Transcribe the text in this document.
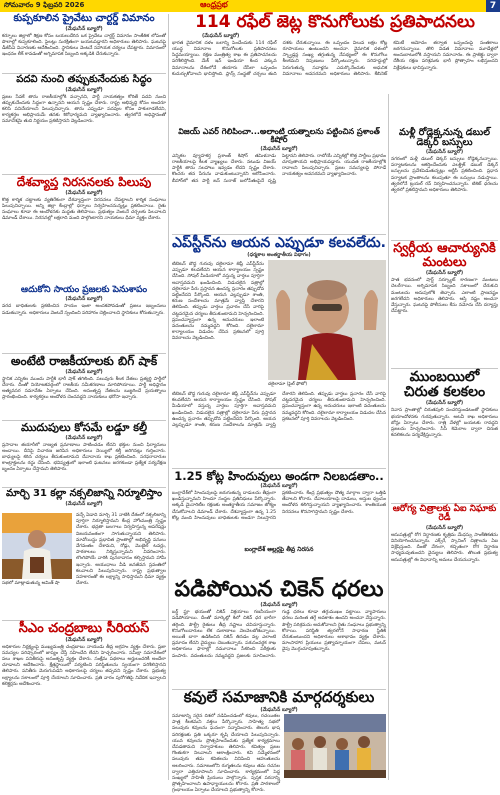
సోమవారం 9 ఫిబ్రవరి 2026	ఆంధ్రప్రభ	7
కుప్పకూలిన ప్రైవేటు చార్టర్డ్ విమానం
(మేఘసేన్ బ్యూరో)
కర్నూలు జిల్లాలో శిక్షణ కోసం బయలుదేరిన ఒక ప్రైవేటు చార్టర్డ్ విమానం సాంకేతిక లోపంతో పొలాల్లో కుప్పకూలింది. పైలట్లు సురక్షితంగా బయటపడ్డారని అధికారులు తెలిపారు. ఘటనపై డీజీసీఏ విచారణకు ఆదేశించింది. స్థానికులు వెంటనే సహాయక చర్యలు చేపట్టారు. విమానంలో ఇంధనం లీక్ కావడంతో అగ్నిమాపక సిబ్బంది అక్కడికి చేరుకున్నారు.
పదవి నుంచి తప్పుకునేందుకు సిద్ధం
(మేఘసేన్ బ్యూరో)
ప్రజల సేవకే తాను రాజకీయాల్లోకి వచ్చానని, పార్టీ నాయకత్వం కోరితే పదవి నుంచి తప్పుకునేందుకు సిద్ధంగా ఉన్నానని ఆయన స్పష్టం చేశారు. రాష్ట్ర అభివృద్ధి కోసం అందరూ కలిసి పనిచేయాలని పిలుపునిచ్చారు. తాను ఎప్పుడూ పదవుల కోసం పాకులాడలేదని, కార్యకర్తల అభిప్రాయమే తనకు శిరోధార్యమని వ్యాఖ్యానించారు. త్వరలోనే అధిష్ఠానంతో సమావేశమై తుది నిర్ణయం ప్రకటిస్తానని వెల్లడించారు.
దేశవ్యాప్త నిరసనలకు పిలుపు
(మేఘసేన్ బ్యూరో)
కొత్త కార్మిక చట్టాలకు వ్యతిరేకంగా దేశవ్యాప్తంగా నిరసనలు చేపట్టాలని కార్మిక సంఘాలు పిలుపునిచ్చాయి. అన్ని జిల్లా కేంద్రాల్లో ధర్నాలు నిర్వహించనున్నట్లు ప్రకటించాయి. రైతు సంఘాలు కూడా ఈ ఆందోళనకు మద్దతు తెలిపాయి. ప్రభుత్వం వెంటనే చర్చలకు పిలవాలని డిమాండ్ చేశాయి. నిరసనల్లో లక్షలాది మంది పాల్గొంటారని నాయకులు ధీమా వ్యక్తం చేశారు.
ఆదుకోని సాయం ప్రజలకు పెనుశాపం
(మేఘసేన్ బ్యూరో)
వరద బాధితులకు ప్రకటించిన సాయం ఇంకా అందకపోవడంతో ప్రజలు ఇబ్బందులు పడుతున్నారు. అధికారులు వెంటనే స్పందించి పరిహారం చెల్లించాలని స్థానికులు కోరుతున్నారు.
అంటేటి రాజకీయాలకు బిగ్ షాక్
(మేఘసేన్ బ్యూరో)
స్థానిక ఎన్నికల ముందు పార్టీకి భారీ షాక్ తగిలింది. పలువురు కీలక నేతలు ప్రత్యర్థి పార్టీలో చేరారు. దీంతో నియోజకవర్గంలో రాజకీయ సమీకరణాలు మారిపోయాయి. పార్టీ అధిష్ఠానం అత్యవసర సమావేశం ఏర్పాటు చేసింది. అసంతృప్త నేతలను బుజ్జగించే ప్రయత్నాలు ప్రారంభించింది. కార్యకర్తలు ఆందోళన చెందవద్దని నాయకులు భరోసా ఇచ్చారు.
ముదుపులు కోసమే లడ్డూ కల్తీ
(మేఘసేన్ బ్యూరో)
ప్రసాదాల తయారీలో నాణ్యత ప్రమాణాలు పాటించడం లేదని భక్తుల నుంచి ఫిర్యాదులు అందాయి. దీనిపై విచారణ జరిపిన అధికారులు నెయ్యిలో కల్తీ జరిగినట్లు గుర్తించారు. బాధ్యులపై కఠిన చర్యలు తీసుకుంటామని దేవాదాయ శాఖ ప్రకటించింది. సరఫరాదారుల కాంట్రాక్టులను రద్దు చేసింది. భవిష్యత్తులో ఇలాంటి ఘటనలు జరగకుండా ప్రత్యేక పర్యవేక్షణ బృందం ఏర్పాటు చేస్తామని తెలిపారు.
మార్చి 31 కల్లా నక్సలిజాన్ని నిర్మూలిస్తాం
(మేఘసేన్ బ్యూరో)
సభలో మాట్లాడుతున్న అమిత్ షా
వచ్చే ఏడాది మార్చి 31 నాటికి దేశంలో నక్సలిజాన్ని పూర్తిగా నిర్మూలిస్తామని కేంద్ర హోంమంత్రి స్పష్టం చేశారు. భద్రతా బలగాలు నిర్వహిస్తున్న ఆపరేషన్లు విజయవంతంగా సాగుతున్నాయని తెలిపారు. మావోయిస్టు ప్రభావిత ప్రాంతాల్లో అభివృద్ధి పనులు వేగవంతం చేశామని, రోడ్లు, మొబైల్ టవర్లు, పాఠశాలలు నిర్మిస్తున్నామని వివరించారు. లొంగిపోయే వారికి పునరావాసం కల్పిస్తామని హామీ ఇచ్చారు. ఆయుధాలు వీడి జనజీవన స్రవంతిలో కలవాలని పిలుపునిచ్చారు. రాష్ట్ర ప్రభుత్వాల సహకారంతో ఈ లక్ష్యాన్ని సాధిస్తామని ధీమా వ్యక్తం చేశారు.
సీఎం చంద్రబాబు సీరియస్
(మేఘసేన్ బ్యూరో)
అధికారుల నిర్లక్ష్యంపై ముఖ్యమంత్రి చంద్రబాబు నాయుడు తీవ్ర ఆగ్రహం వ్యక్తం చేశారు. ప్రజా సమస్యల పరిష్కారంలో జాప్యం చేస్తే సహించేది లేదని హెచ్చరించారు. సమీక్షా సమావేశంలో పలు శాఖల పనితీరుపై అసంతృప్తి వ్యక్తం చేశారు. సంక్షేమ పథకాలు అర్హులందరికీ అందేలా చూడాలని ఆదేశించారు. క్షేత్రస్థాయిలో పర్యటించి పరిస్థితులను స్వయంగా పరిశీలిస్తానని తెలిపారు. పనితీరు మెరుగుపడని అధికారులపై చర్యలు తప్పవని స్పష్టం చేశారు. ప్రభుత్వ లక్ష్యాలను సకాలంలో పూర్తి చేయాలని సూచించారు. ప్రతి వారం పురోగతిపై నివేదిక ఇవ్వాలని కలెక్టర్లను ఆదేశించారు.
114 రఫేల్ జెట్ల కొనుగోలుకు ప్రతిపాదనలు
(మేఘసేన్ బ్యూరో)
భారత వైమానిక దళం బలాన్ని పెంచేందుకు 114 రఫేల్ యుద్ధ విమానాల కొనుగోలుకు ప్రతిపాదనలు సిద్ధమయ్యాయి. రక్షణ మంత్రిత్వ శాఖ ఈ ప్రతిపాదనలను పరిశీలిస్తోంది. మేక్ ఇన్ ఇండియా కింద ఎక్కువ విమానాలను దేశంలోనే తయారు చేసేలా ఒప్పందం కుదుర్చుకోవాలని భావిస్తోంది. ఫ్రాన్స్ సంస్థతో చర్చలు తుది దశకు చేరుకున్నాయి. ఈ ఒప్పందం విలువ లక్షల కోట్ల రూపాయలు ఉంటుందని అంచనా. వైమానిక దళంలో స్క్వాడ్రన్ల సంఖ్య తగ్గుతున్న నేపథ్యంలో ఈ కొనుగోలు కీలకమని నిపుణులు పేర్కొంటున్నారు. సరిహద్దుల్లో పెరుగుతున్న సవాళ్లను ఎదుర్కొనేందుకు ఆధునిక విమానాలు అవసరమని అధికారులు తెలిపారు. కేబినెట్ కమిటీ ఆమోదం తర్వాత ఒప్పందంపై సంతకాలు జరగనున్నాయి. తొలి విడత విమానాలు మూడేళ్లలో అందుబాటులోకి వస్తాయని సమాచారం. ఈ ప్రాజెక్టు ద్వారా దేశీయ రక్షణ పరిశ్రమకు భారీ ప్రోత్సాహం లభిస్తుందని విశ్లేషకులు భావిస్తున్నారు.
విజయ్ ఎవర్ గెలిపించా...అలాంటి యత్నాలను పట్టించిన ప్రశాంత్ కిషోర్
(మేఘసేన్ బ్యూరో)
ఎన్నికల వ్యూహకర్త ప్రశాంత్ కిషోర్ తమిళనాడు రాజకీయాలపై కీలక వ్యాఖ్యలు చేశారు. నటుడు విజయ్ పార్టీకి తాను సలహాలు ఇవ్వడం లేదని స్పష్టం చేశారు. కొందరు తన పేరును వాడుకుంటున్నారని ఆరోపించారు. బీహార్‌లో తన పార్టీ జన్ సురాజ్ బలోపేతంపైనే దృష్టి పెట్టానని తెలిపారు. రాబోయే ఎన్నికల్లో కొత్త పార్టీలు ప్రభావం చూపుతాయని అభిప్రాయపడ్డారు. యువత రాజకీయాల్లోకి రావాలని పిలుపునిచ్చారు. ప్రజల సమస్యలపై పోరాడే నాయకత్వం అవసరమని వ్యాఖ్యానించారు.
మళ్లీ రోడ్లెక్కనున్న డబుల్ డెక్కర్ బస్సులు
(మేఘసేన్ బ్యూరో)
నగరంలో మళ్లీ డబుల్ డెక్కర్ బస్సులు రోడ్లెక్కనున్నాయి. పర్యాటకులను ఆకర్షించేందుకు ఎలక్ట్రిక్ డబుల్ డెక్కర్ బస్సులను ప్రవేశపెడుతున్నట్లు ఆర్టీసీ ప్రకటించింది. ప్రధాన పర్యాటక ప్రాంతాలను కలుపుతూ ఈ బస్సులు నడుస్తాయి. త్వరలోనే ట్రయల్ రన్ నిర్వహించనున్నారు. టికెట్ ధరలను త్వరలో ప్రకటిస్తామని అధికారులు తెలిపారు.
ఎప్‌స్టీన్‌ను ఆయన ఎప్పుడూ కలవలేదు.
(ధర్మశాల అంతర్జాతీయ విభాగం)
టిబెటన్ బౌద్ధ గురువు దలైలామా జెఫ్రీ ఎప్‌స్టీన్‌ను ఎప్పుడూ కలవలేదని ఆయన కార్యాలయం స్పష్టం చేసింది. సోషల్ మీడియాలో వస్తున్న వార్తలు పూర్తిగా అవాస్తవమని ఖండించింది. విడుదలైన పత్రాల్లో దలైలామా పేరు ప్రస్తావన ఉందన్న ప్రచారం తప్పుదోవ పట్టించేదని పేర్కొంది. ఆయన ఎల్లప్పుడూ శాంతి, కరుణ సందేశాలను మాత్రమే వ్యాప్తి చేశారని తెలిపింది. తప్పుడు వార్తలు ప్రచారం చేసే వారిపై చట్టపరమైన చర్యలు తీసుకుంటామని హెచ్చరించింది. ప్రపంచవ్యాప్తంగా ఉన్న అనుచరులు ఇలాంటి వదంతులను నమ్మవద్దని కోరింది. దలైలామా కార్యాలయం విడుదల చేసిన ప్రకటనలో పూర్తి వివరాలను వెల్లడించింది.
దలైలామా (ఫైల్ ఫోటో)
టిబెటన్ బౌద్ధ గురువు దలైలామా జెఫ్రీ ఎప్‌స్టీన్‌ను ఎప్పుడూ కలవలేదని ఆయన కార్యాలయం స్పష్టం చేసింది. సోషల్ మీడియాలో వస్తున్న వార్తలు పూర్తిగా అవాస్తవమని ఖండించింది. విడుదలైన పత్రాల్లో దలైలామా పేరు ప్రస్తావన ఉందన్న ప్రచారం తప్పుదోవ పట్టించేదని పేర్కొంది. ఆయన ఎల్లప్పుడూ శాంతి, కరుణ సందేశాలను మాత్రమే వ్యాప్తి చేశారని తెలిపింది. తప్పుడు వార్తలు ప్రచారం చేసే వారిపై చట్టపరమైన చర్యలు తీసుకుంటామని హెచ్చరించింది. ప్రపంచవ్యాప్తంగా ఉన్న అనుచరులు ఇలాంటి వదంతులను నమ్మవద్దని కోరింది. దలైలామా కార్యాలయం విడుదల చేసిన ప్రకటనలో పూర్తి వివరాలను వెల్లడించింది.
స్వర్గీయ ఆచార్యునికి మంటలు
(మేఘసేన్ బ్యూరో)
పాత భవనంలో షార్ట్ సర్క్యూట్ కారణంగా మంటలు చెలరేగాయి. అగ్నిమాపక సిబ్బంది సకాలంలో చేరుకుని మంటలను అదుపులోకి తెచ్చారు. ఎలాంటి ప్రాణనష్టం జరగలేదని అధికారులు తెలిపారు. ఆస్తి నష్టం అంచనా వేస్తున్నారు. ఘటనపై పోలీసులు కేసు నమోదు చేసి దర్యాప్తు చేపట్టారు.
ముంబయిలో చిరుత కలకలం
(మేఘసేన్ బ్యూరో)
నివాస ప్రాంతాల్లో చిరుతపులి సంచరిస్తుండటంతో స్థానికులు భయాందోళనకు గురవుతున్నారు. అటవీ శాఖ అధికారులు బోన్లు ఏర్పాటు చేశారు. రాత్రి వేళల్లో బయటకు రావద్దని ప్రజలను హెచ్చరించారు. సీసీ కెమెరాల ద్వారా చిరుత కదలికలను పర్యవేక్షిస్తున్నారు.
ఆరోగ్య చిత్రాలకు ఏఐ నిఘాకు రెడీ
(మేఘసేన్ బ్యూరో)
ఆసుపత్రుల్లో రోగ నిర్ధారణకు కృత్రిమ మేధస్సు సాంకేతికతను వినియోగించనున్నారు. ఎక్స్‌రే, స్కానింగ్ చిత్రాలను ఏఐ విశ్లేషిస్తుంది. దీంతో వేగంగా, కచ్చితంగా రోగ నిర్ధారణ సాధ్యమవుతుందని వైద్యులు తెలిపారు. తొలుత ప్రభుత్వ ఆసుపత్రుల్లో ఈ విధానాన్ని అమలు చేయనున్నారు.
1.25 కోట్ల హిందువులు అండగా నిలబడతాం..
(మేఘసేన్ బ్యూరో)
బంగ్లాదేశ్‌లో హిందువులపై జరుగుతున్న దాడులను తీవ్రంగా ఖండిస్తున్నామని హిందూ సంస్థల ప్రతినిధులు పేర్కొన్నారు. అక్కడి మైనారిటీల రక్షణకు అంతర్జాతీయ సమాజం జోక్యం చేసుకోవాలని డిమాండ్ చేశారు. దేశవ్యాప్తంగా ఉన్న 1.25 కోట్ల మంది హిందువులు బాధితులకు అండగా నిలుస్తారని ప్రకటించారు. కేంద్ర ప్రభుత్వం దౌత్య మార్గాల ద్వారా ఒత్తిడి తేవాలని కోరారు. దేవాలయాలపై దాడులు, ఆస్తుల ధ్వంసం ఆందోళన కలిగిస్తున్నాయని వ్యాఖ్యానించారు. శాంతియుత నిరసనలు కొనసాగిస్తామని స్పష్టం చేశారు.
బంగ్లాదేశ్ అల్లర్లపై తీవ్ర నిరసన
పడిపోయిన చికెన్ ధరలు
(మేఘసేన్ బ్యూరో)
బర్డ్ ఫ్లూ భయంతో చికెన్ విక్రయాలు గణనీయంగా పడిపోయాయి. దీంతో మార్కెట్లో కిలో చికెన్ ధర భారీగా తగ్గింది. పౌల్ట్రీ రైతులు తీవ్ర నష్టాలు చవిచూస్తున్నారు. కొనుగోలుదారులు లేక దుకాణాలు వెలవెలబోతున్నాయి. అయితే బాగా ఉడికించిన చికెన్ తినడం వల్ల ఎలాంటి ప్రమాదం లేదని వైద్యులు చెబుతున్నారు. పశుసంవర్ధక శాఖ అధికారులు ఫారాల్లో నమూనాలు సేకరించి పరీక్షలకు పంపారు. వదంతులను నమ్మవద్దని ప్రజలకు సూచించారు. గుడ్ల ధరలు కూడా తగ్గుముఖం పట్టాయి. వ్యాపారులు ధరలు మరింత తగ్గే అవకాశం ఉందని అంచనా వేస్తున్నారు. పౌల్ట్రీ పరిశ్రమను ఆదుకోవాలని రైతు సంఘాలు ప్రభుత్వాన్ని కోరాయి. పరిస్థితి త్వరలోనే సాధారణ స్థితికి చేరుకుంటుందని అధికారులు ఆశాభావం వ్యక్తం చేశారు. మాంసాహార ప్రియులు ప్రత్యామ్నాయంగా చేపలు, మటన్ వైపు మొగ్గుచూపుతున్నారు.
కవులే సమాజానికి మార్గదర్శకులు
(మేఘసేన్ బ్యూరో)
సమాజాన్ని సరైన దిశలో నడిపించడంలో కవులు, రచయితల పాత్ర కీలకమని వక్తలు పేర్కొన్నారు. సాహిత్య సభలో పలువురు కవులను ఘనంగా సన్మానించారు. తెలుగు భాష పరిరక్షణకు ప్రతి ఒక్కరూ కృషి చేయాలని పిలుపునిచ్చారు. యువ కవులను ప్రోత్సహించేందుకు ప్రత్యేక కార్యక్రమాలు చేపడతామని నిర్వాహకులు తెలిపారు. కవిత్వం ప్రజల గొంతుకగా నిలవాలని ఆకాంక్షించారు. కవి సమ్మేళనంలో పలువురు తమ కవితలను వినిపించి ఆహుతులను అలరించారు. సమాజంలోని రుగ్మతలను కవులు తమ రచనల ద్వారా ఎత్తిచూపాలని సూచించారు. కార్యక్రమంలో పెద్ద సంఖ్యలో సాహితీ ప్రియులు పాల్గొన్నారు. పుస్తక పఠనాన్ని ప్రోత్సహించాలని ఉపాధ్యాయులను కోరారు. ప్రతి పాఠశాలలో గ్రంథాలయం ఏర్పాటు చేయాలని ప్రభుత్వాన్ని కోరారు.
